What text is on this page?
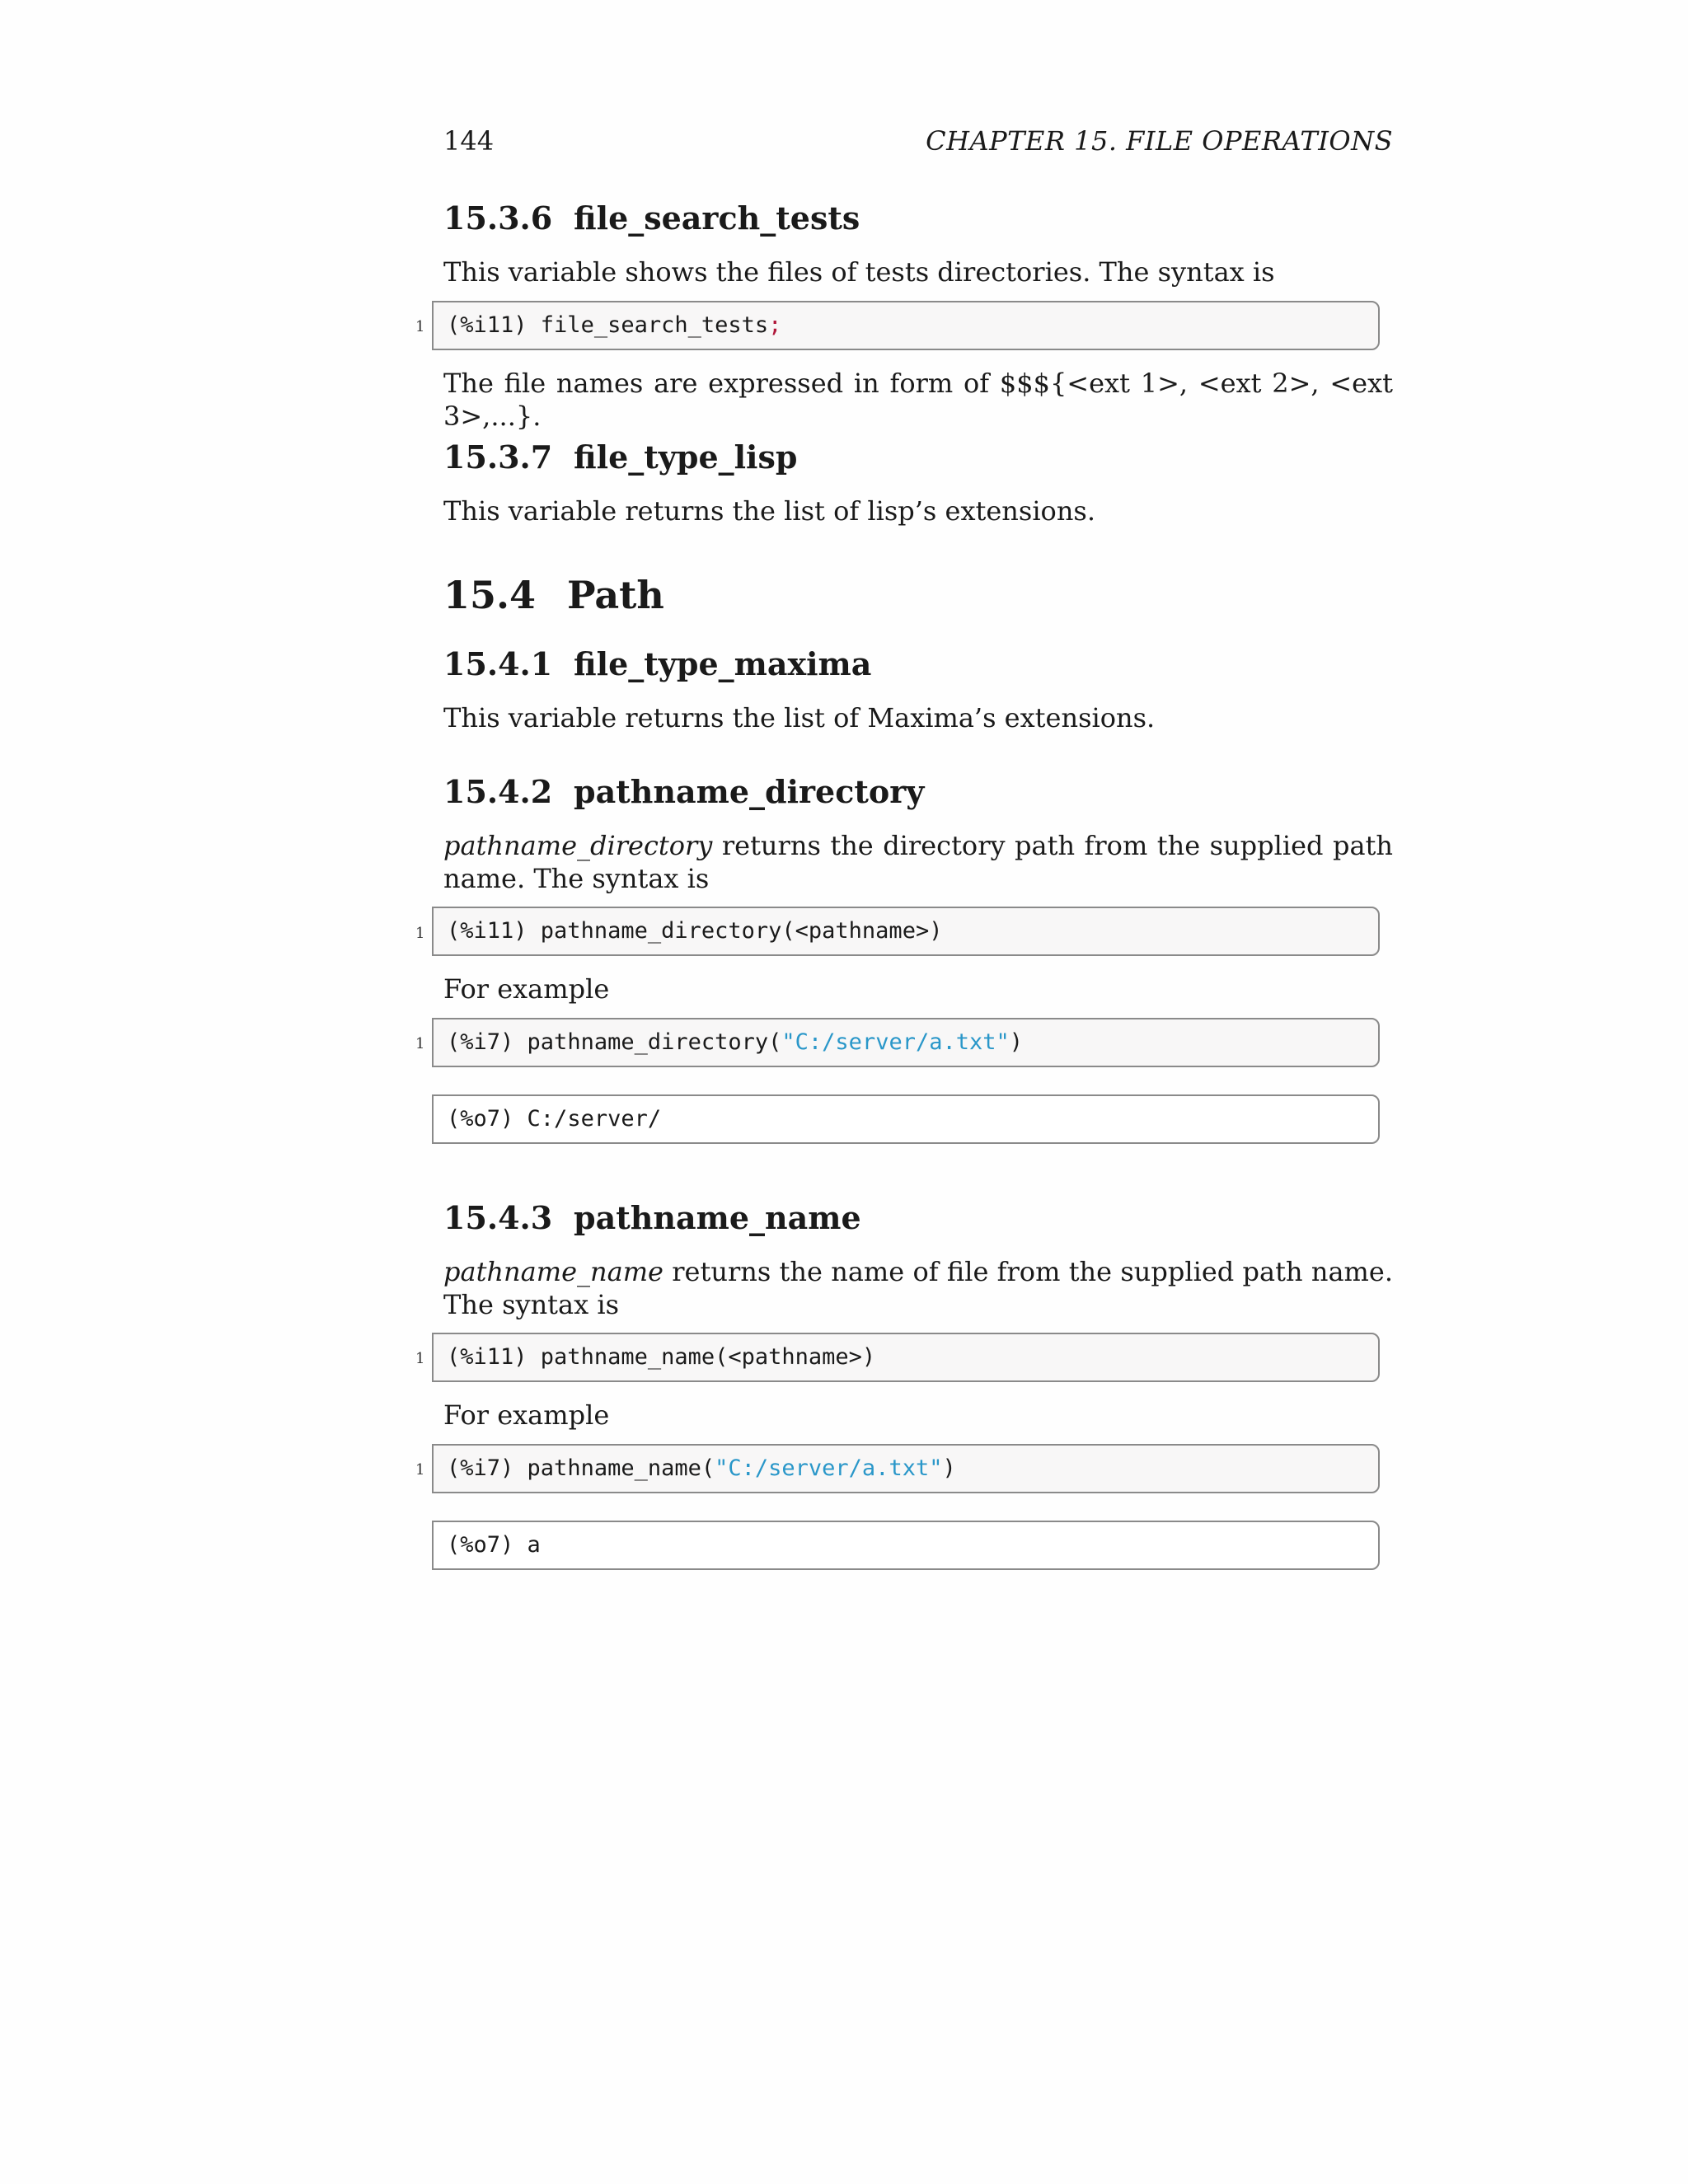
144	CHAPTER 15. FILE OPERATIONS
15.3.6 file_search_tests
This variable shows the files of tests directories. The syntax is
1 (%i11) file_search_tests;
The file names are expressed in form of $$${<ext 1>, <ext 2>, <ext 3>,...}.
15.3.7 file_type_lisp
This variable returns the list of lisp’s extensions.
15.4 Path
15.4.1 file_type_maxima
This variable returns the list of Maxima’s extensions.
15.4.2 pathname_directory
pathname_directory returns the directory path from the supplied path name. The syntax is
1 (%i11) pathname_directory(<pathname>)
For example
1 (%i7) pathname_directory("C:/server/a.txt")
(%o7) C:/server/
15.4.3 pathname_name
pathname_name returns the name of file from the supplied path name. The syntax is
1 (%i11) pathname_name(<pathname>)
For example
1 (%i7) pathname_name("C:/server/a.txt")
(%o7) a
